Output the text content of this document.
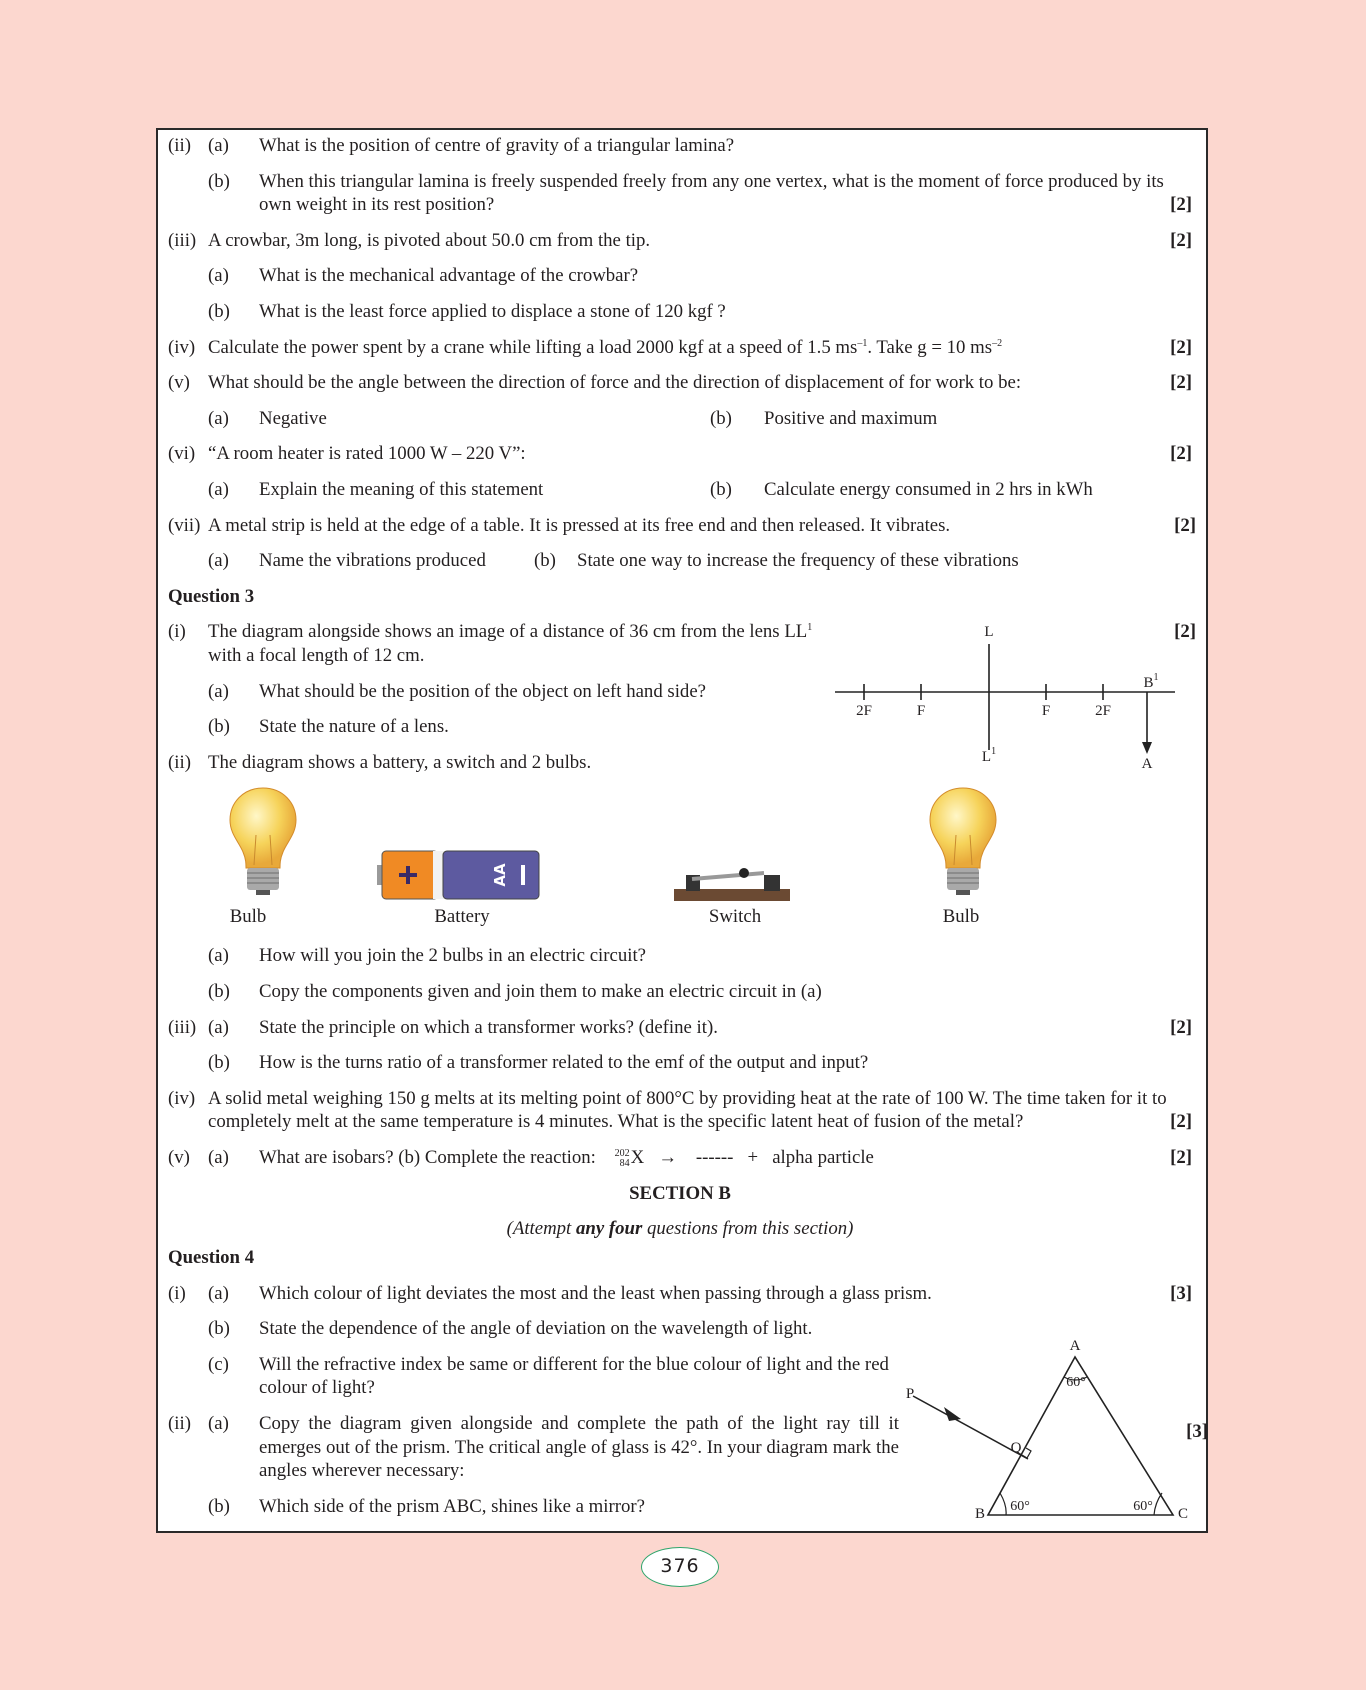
(ii) (a) What is the position of centre of gravity of a triangular lamina?
(b)	When this triangular lamina is freely suspended freely from any one vertex, what is the moment of force produced by its own weight in its rest position?	[2]
(iii) A crowbar, 3m long, is pivoted about 50.0 cm from the tip.	[2]
(a) What is the mechanical advantage of the crowbar?
(b) What is the least force applied to displace a stone of 120 kgf ?
(iv) Calculate the power spent by a crane while lifting a load 2000 kgf at a speed of 1.5 $ms^{-1}$. Take g = 10 $ms^{-2}$	[2]
(v) What should be the angle between the direction of force and the direction of displacement of for work to be:	[2]
(a) Negative	(b) Positive and maximum
(vi) “A room heater is rated 1000 W – 220 V”:	[2]
(a) Explain the meaning of this statement	(b) Calculate energy consumed in 2 hrs in kWh
(vii) A metal strip is held at the edge of a table. It is pressed at its free end and then released. It vibrates.	[2]
(a) Name the vibrations produced	(b) State one way to increase the frequency of these vibrations
Question 3
(i)	The diagram alongside shows an image of a distance of 36 cm from the lens $LL^1$ with a focal length of 12 cm.
[2]
(a) What should be the position of the object on left hand side?
(b) State the nature of a lens.
(ii) The diagram shows a battery, a switch and 2 bulbs.
AA
Bulb	Battery	Switch	Bulb
(a) How will you join the 2 bulbs in an electric circuit?
(b) Copy the components given and join them to make an electric circuit in (a)
(iii) (a) State the principle on which a transformer works? (define it).	[2]
(b) How is the turns ratio of a transformer related to the emf of the output and input?
(iv) A solid metal weighing 150 g melts at its melting point of 800°C by providing heat at the rate of 100 W. The time taken for it to completely melt at the same temperature is 4 minutes. What is the specific latent heat of fusion of the metal?	[2]
(v) (a) What are isobars? (b) Complete the reaction: 202
84X → ------ + alpha particle	[2]
SECTION B
(Attempt any four questions from this section)
Question 4
(i) (a) Which colour of light deviates the most and the least when passing through a glass prism.	[3]
(b) State the dependence of the angle of deviation on the wavelength of light.
(c)	Will the refractive index be same or different for the blue colour of light and the red colour of light?
(ii) (a)	Copy the diagram given alongside and complete the path of the light ray till it emerges out of the prism. The critical angle of glass is 42°. In your diagram mark the angles wherever necessary:
(b) Which side of the prism ABC, shines like a mirror?
L
$L^1$
$B^1$
A
2F	F	F	2F
A
B	C
P
Q
60°
60°	60°
[3]
376
